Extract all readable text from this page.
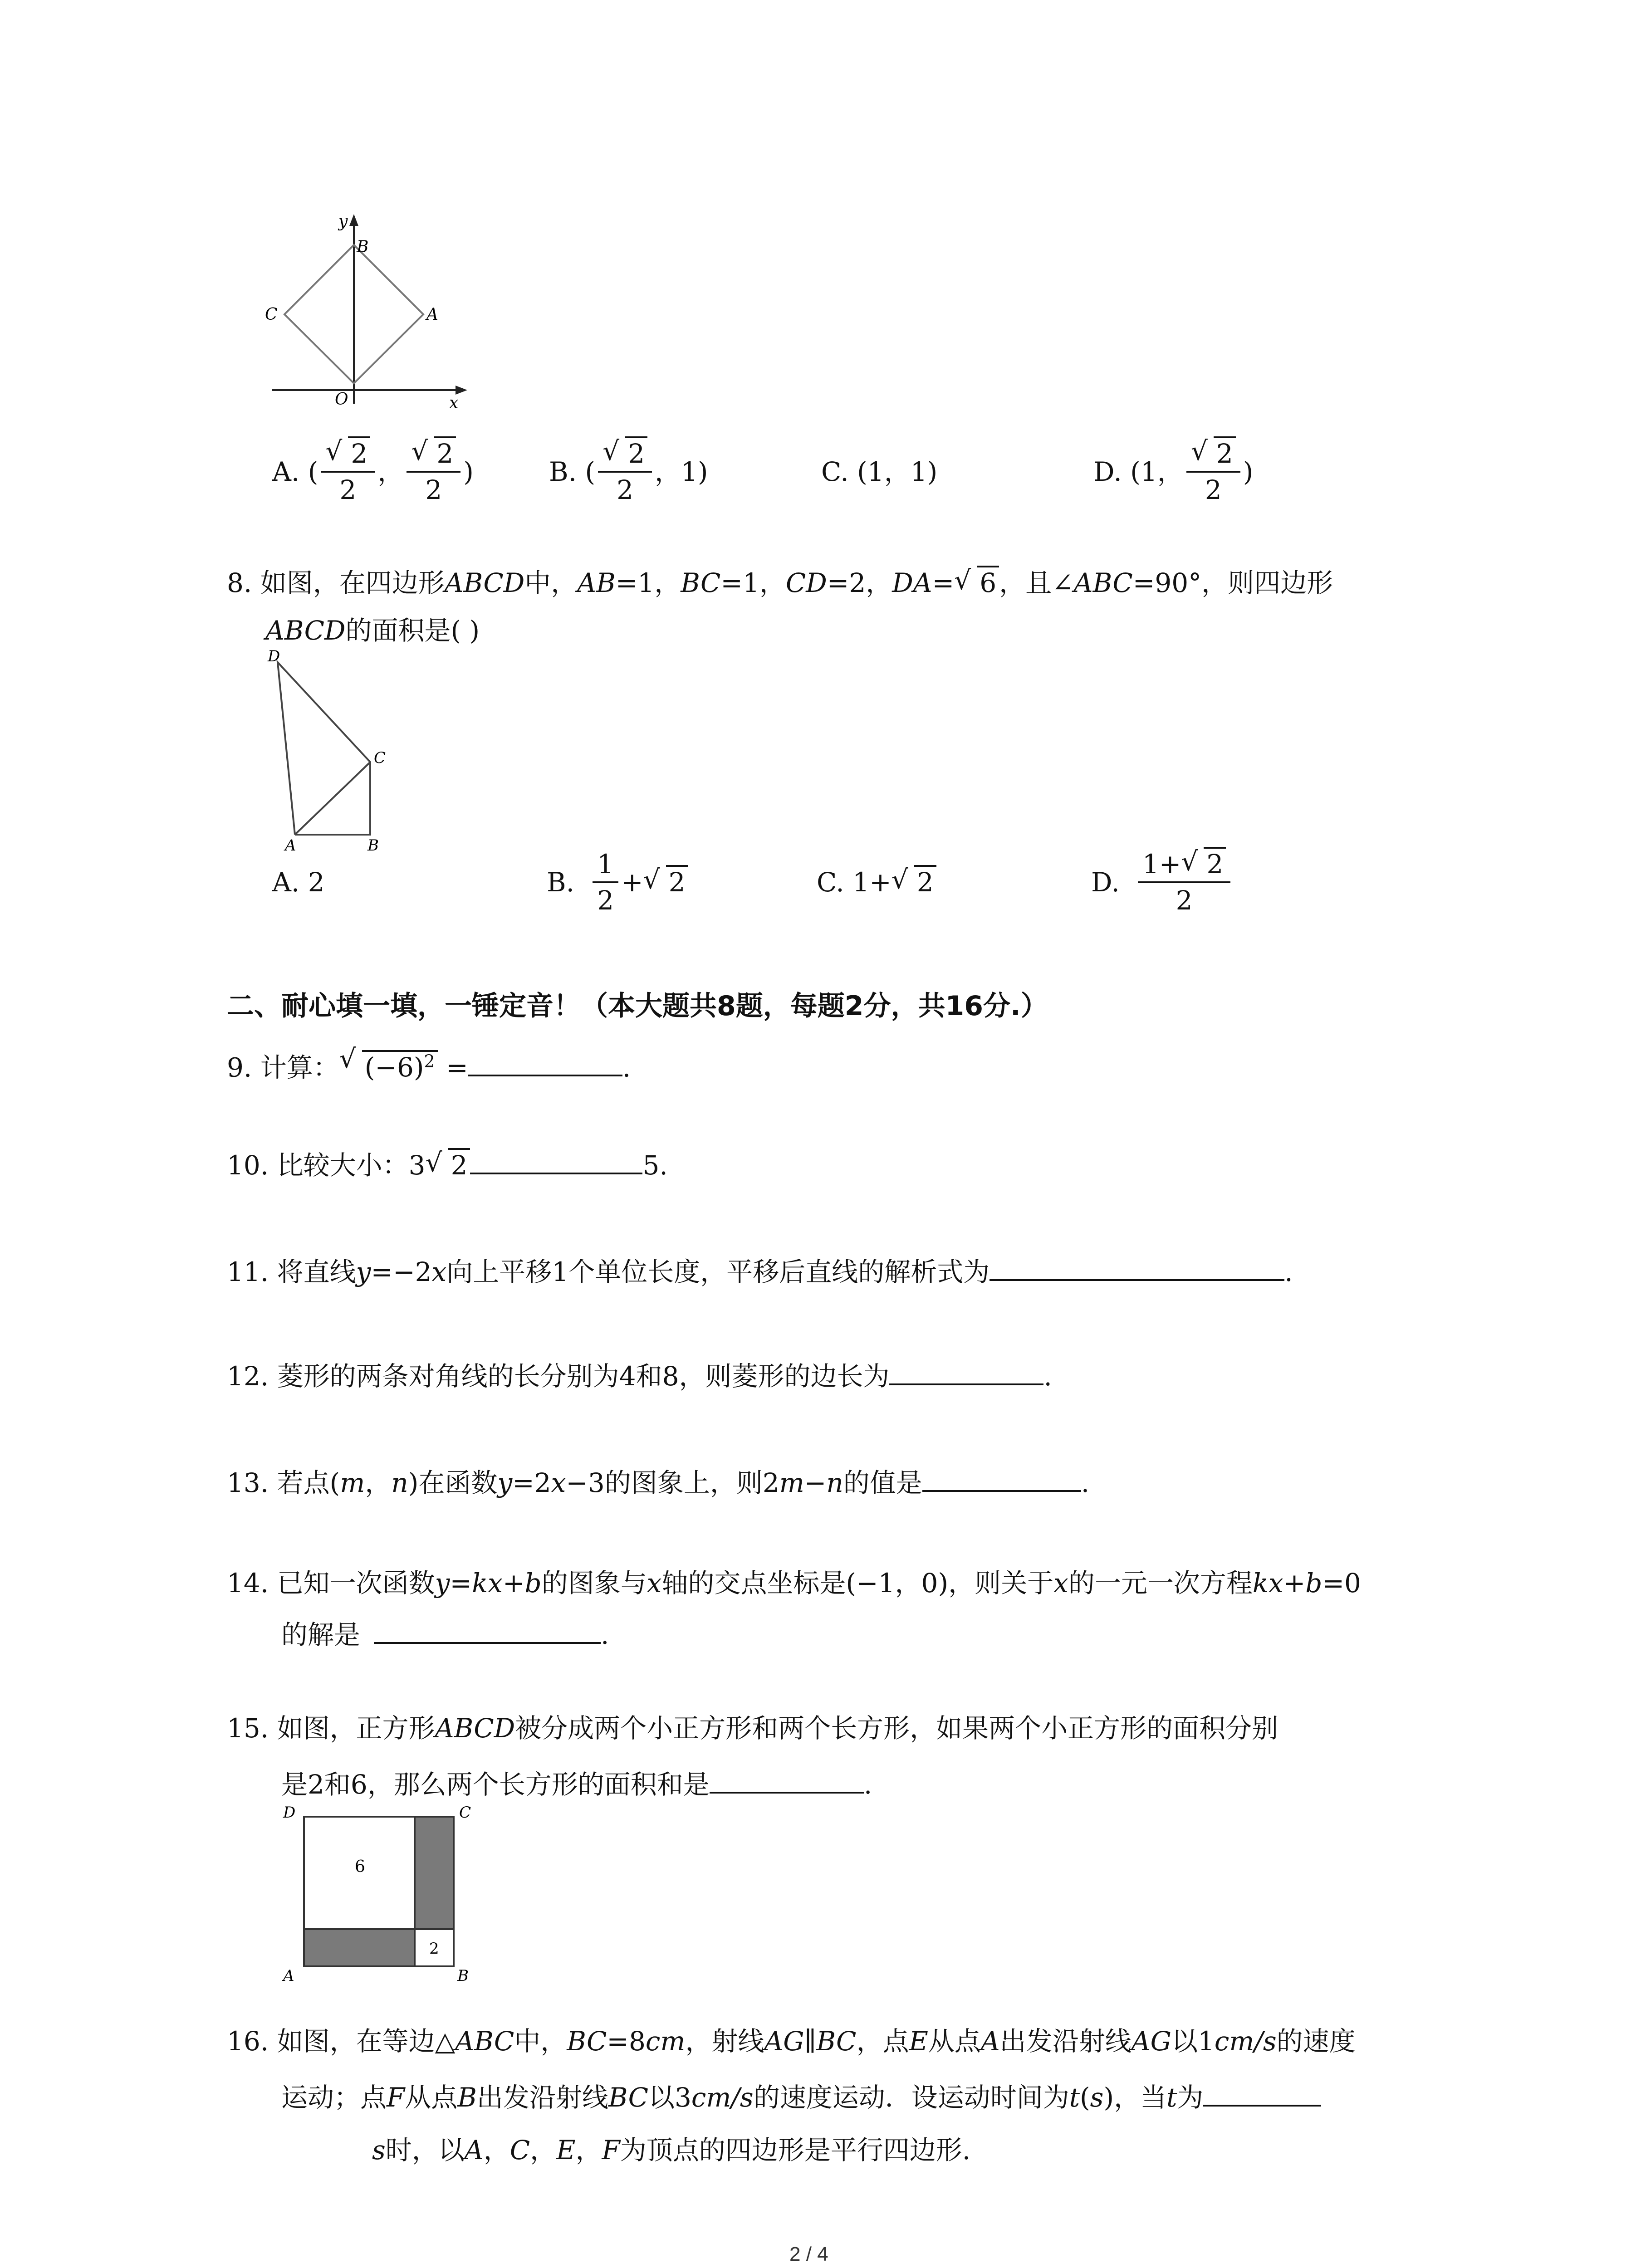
y
B
C	A
O	x
A. ( $\frac{√ 2}{2}$ ， $\frac{√ 2}{2}$ )	B. ( $\frac{√ 2}{2}$ ，1)	C. (1，1)	D. (1， $\frac{√ 2}{2}$ )
8. 如图，在四边形ABCD中，AB=1，BC=1，CD=2，DA= √ 6 ，且∠ABC=90°，则四边形
ABCD的面积是( )
D
C
A	B
A. 2	B. $\frac{1}{2}$ + √ 2	C. 1+ √ 2	D. $\frac{1+ √ 2}{2}$
二、耐心填一填，一锤定音！（本大题共8题，每题2分，共16分.）
9. 计算： √ $(-6)^2$ =	.
10. 比较大小：3 √ 2	5.
11. 将直线y=−2x向上平移1个单位长度，平移后直线的解析式为	.
12. 菱形的两条对角线的长分别为4和8，则菱形的边长为	.
13. 若点(m，n)在函数y=2x−3的图象上，则2m−n的值是	.
14. 已知一次函数y=kx+b的图象与x轴的交点坐标是(−1，0)，则关于x的一元一次方程kx+b=0
的解是	.
15. 如图，正方形ABCD被分成两个小正方形和两个长方形，如果两个小正方形的面积分别
是2和6，那么两个长方形的面积和是	.
D	C
A	B
6
2
16. 如图，在等边△ABC中，BC=8cm，射线AG∥BC，点E从点A出发沿射线AG以1cm/s的速度
运动；点F从点B出发沿射线BC以3cm/s的速度运动．设运动时间为t(s)，当t为
s时，以A，C，E，F为顶点的四边形是平行四边形.
2 / 4
